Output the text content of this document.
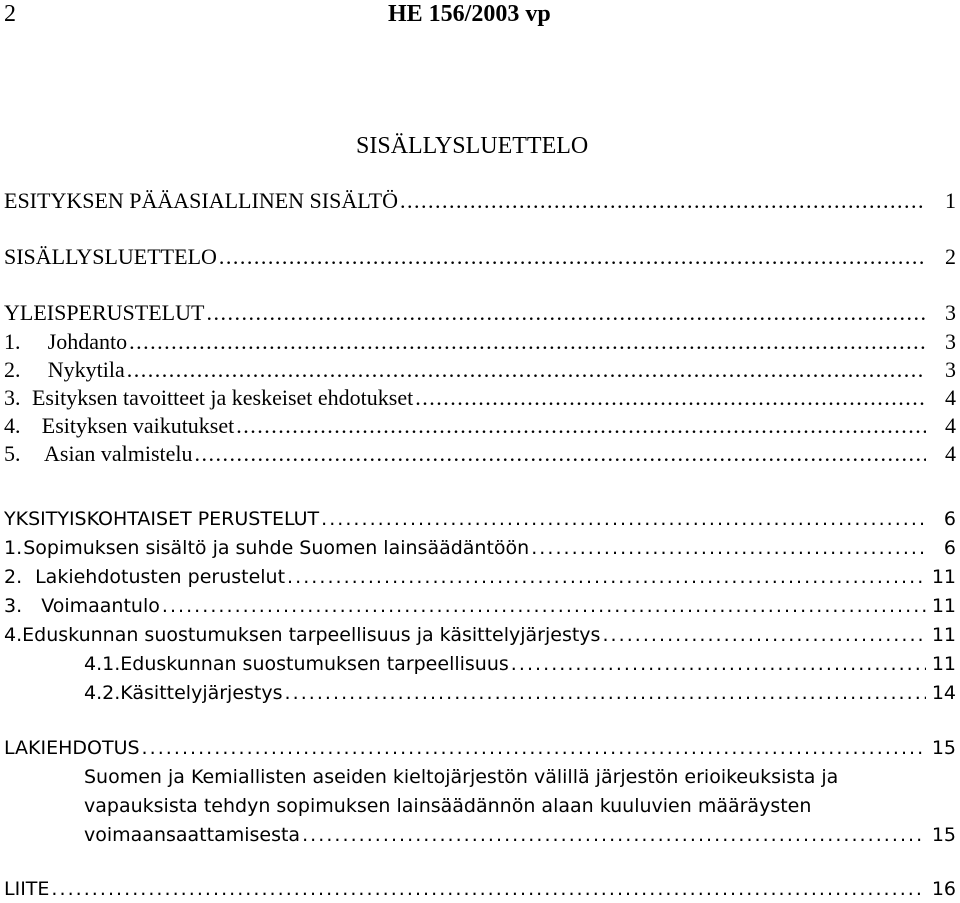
2	HE 156/2003 vp
SISÄLLYSLUETTELO
ESITYKSEN PÄÄASIALLINEN SISÄLTÖ . . .	1
SISÄLLYSLUETTELO . . .	2
YLEISPERUSTELUT . . .	3
1.	Johdanto . . .	3
2.	Nykytila . . .	3
3. Esityksen tavoitteet ja keskeiset ehdotukset . . .	4
4. Esityksen vaikutukset . . .	4
5.	Asian valmistelu . . .	4
YKSITYISKOHTAISET PERUSTELUT . . .	6
1. Sopimuksen sisältö ja suhde Suomen lainsäädäntöön . . .	6
2. Lakiehdotusten perustelut . . .	11
3.	Voimaantulo . . .	11
4. Eduskunnan suostumuksen tarpeellisuus ja käsittelyjärjestys . . .	11
4.1. Eduskunnan suostumuksen tarpeellisuus . . .	11
4.2. Käsittelyjärjestys . . .	14
LAKIEHDOTUS . . .	15
Suomen ja Kemiallisten aseiden kieltojärjestön välillä järjestön erioikeuksista ja
vapauksista tehdyn sopimuksen lainsäädännön alaan kuuluvien määräysten
voimaansaattamisesta . . .	15
LIITE . . .	16
